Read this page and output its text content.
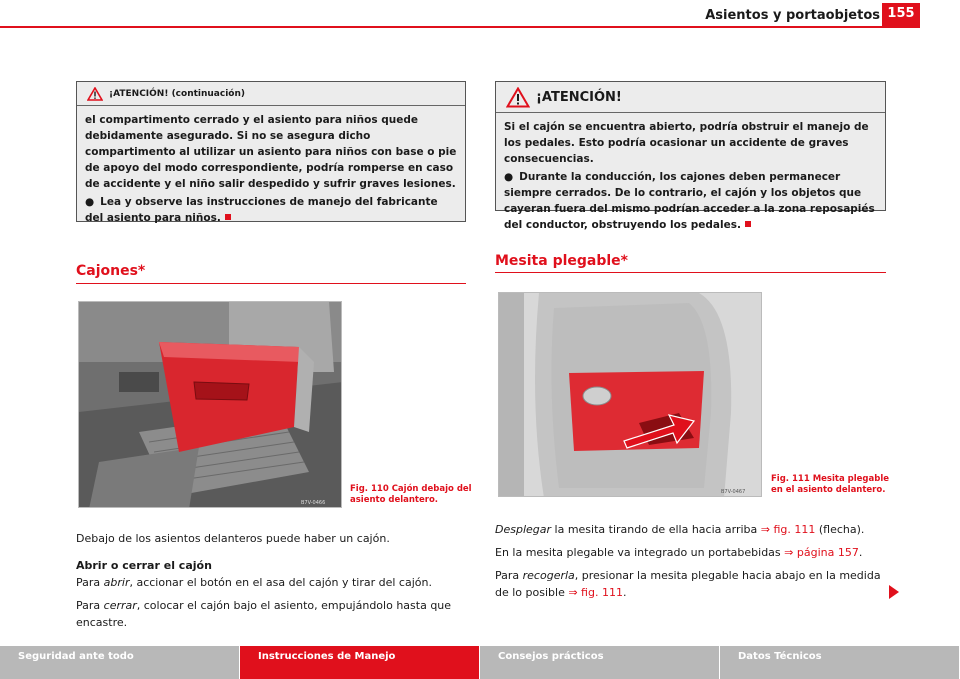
Asientos y portaobjetos 155
¡ATENCIÓN! (continuación)

el compartimento cerrado y el asiento para niños quede debidamente asegurado. Si no se asegura dicho compartimento al utilizar un asiento para niños con base o pie de apoyo del modo correspondiente, podría romperse en caso de accidente y el niño salir despedido y sufrir graves lesiones.

● Lea y observe las instrucciones de manejo del fabricante del asiento para niños.

¡ATENCIÓN!

Si el cajón se encuentra abierto, podría obstruir el manejo de los pedales. Esto podría ocasionar un accidente de graves consecuencias.

● Durante la conducción, los cajones deben permanecer siempre cerrados. De lo contrario, el cajón y los objetos que cayeran fuera del mismo podrían acceder a la zona reposapiés del conductor, obstruyendo los pedales.

Cajones*
B7V-0466
Fig. 110 Cajón debajo del
asiento delantero.

Debajo de los asientos delanteros puede haber un cajón.

Abrir o cerrar el cajón

Para abrir, accionar el botón en el asa del cajón y tirar del cajón.

Para cerrar, colocar el cajón bajo el asiento, empujándolo hasta que encastre.

Mesita plegable*
B7V-0467
Fig. 111 Mesita plegable
en el asiento delantero.

Desplegar la mesita tirando de ella hacia arriba ⇒ fig. 111 (flecha).

En la mesita plegable va integrado un portabebidas ⇒ página 157.

Para recogerla, presionar la mesita plegable hacia abajo en la medida de lo posible ⇒ fig. 111.

Seguridad ante todo	Instrucciones de Manejo	Consejos prácticos	Datos Técnicos
